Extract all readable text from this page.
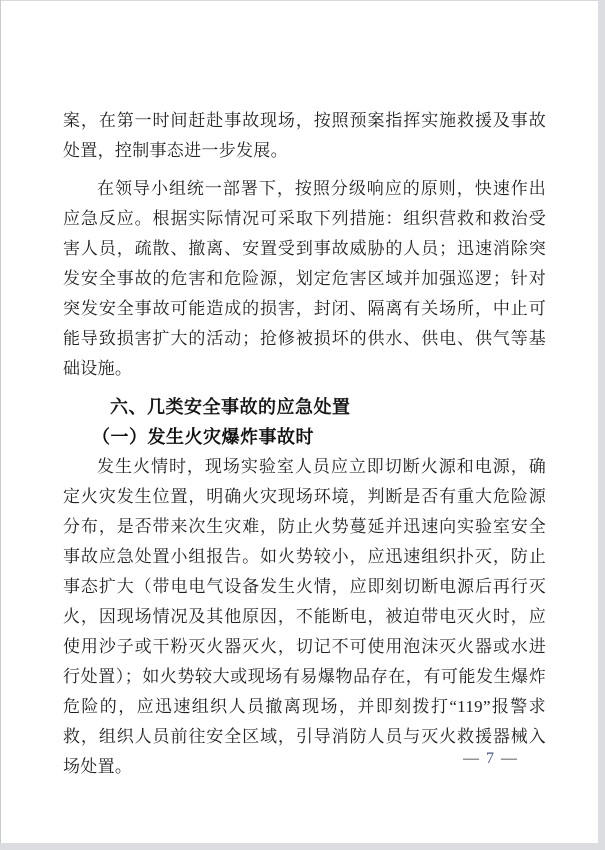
案，在第一时间赶赴事故现场，按照预案指挥实施救援及事故处置，控制事态进一步发展。

在领导小组统一部署下，按照分级响应的原则，快速作出应急反应。根据实际情况可采取下列措施：组织营救和救治受害人员，疏散、撤离、安置受到事故威胁的人员；迅速消除突发安全事故的危害和危险源，划定危害区域并加强巡逻；针对突发安全事故可能造成的损害，封闭、隔离有关场所，中止可能导致损害扩大的活动；抢修被损坏的供水、供电、供气等基础设施。

六、几类安全事故的应急处置
（一）发生火灾爆炸事故时

发生火情时，现场实验室人员应立即切断火源和电源，确定火灾发生位置，明确火灾现场环境，判断是否有重大危险源分布，是否带来次生灾难，防止火势蔓延并迅速向实验室安全事故应急处置小组报告。如火势较小，应迅速组织扑灭，防止事态扩大（带电电气设备发生火情，应即刻切断电源后再行灭火，因现场情况及其他原因，不能断电，被迫带电灭火时，应使用沙子或干粉灭火器灭火，切记不可使用泡沫灭火器或水进行处置）；如火势较大或现场有易爆物品存在，有可能发生爆炸危险的，应迅速组织人员撤离现场，并即刻拨打“119”报警求救，组织人员前往安全区域，引导消防人员与灭火救援器械入场处置。	— 7 —
